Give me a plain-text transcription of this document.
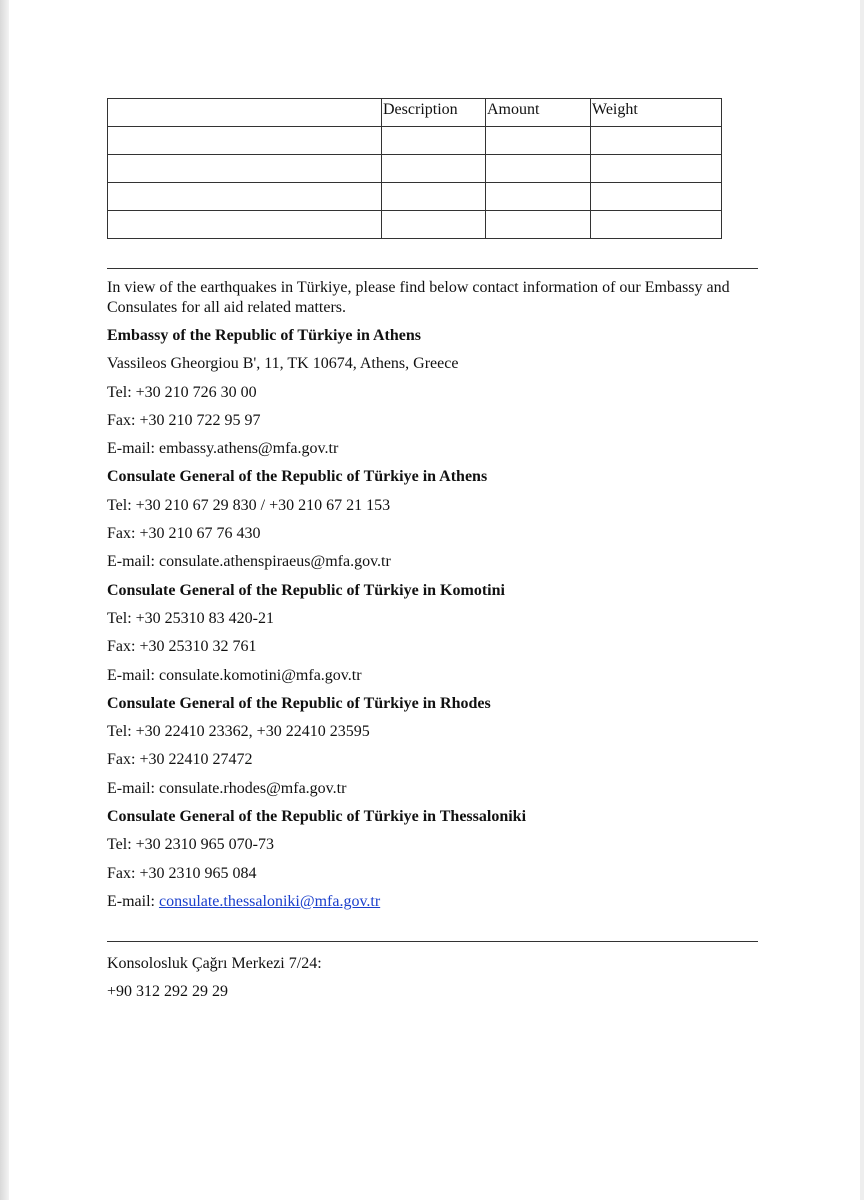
	Description	Amount	Weight

In view of the earthquakes in Türkiye, please find below contact information of our Embassy and Consulates for all aid related matters.

Embassy of the Republic of Türkiye in Athens

Vassileos Gheorgiou B', 11, TK 10674, Athens, Greece

Tel: +30 210 726 30 00

Fax: +30 210 722 95 97

E-mail: embassy.athens@mfa.gov.tr

Consulate General of the Republic of Türkiye in Athens

Tel: +30 210 67 29 830 / +30 210 67 21 153

Fax: +30 210 67 76 430

E-mail: consulate.athenspiraeus@mfa.gov.tr

Consulate General of the Republic of Türkiye in Komotini

Tel: +30 25310 83 420-21

Fax: +30 25310 32 761

E-mail: consulate.komotini@mfa.gov.tr

Consulate General of the Republic of Türkiye in Rhodes

Tel: +30 22410 23362, +30 22410 23595

Fax: +30 22410 27472

E-mail: consulate.rhodes@mfa.gov.tr

Consulate General of the Republic of Türkiye in Thessaloniki

Tel: +30 2310 965 070-73

Fax: +30 2310 965 084

E-mail: consulate.thessaloniki@mfa.gov.tr

Konsolosluk Çağrı Merkezi 7/24:

+90 312 292 29 29
